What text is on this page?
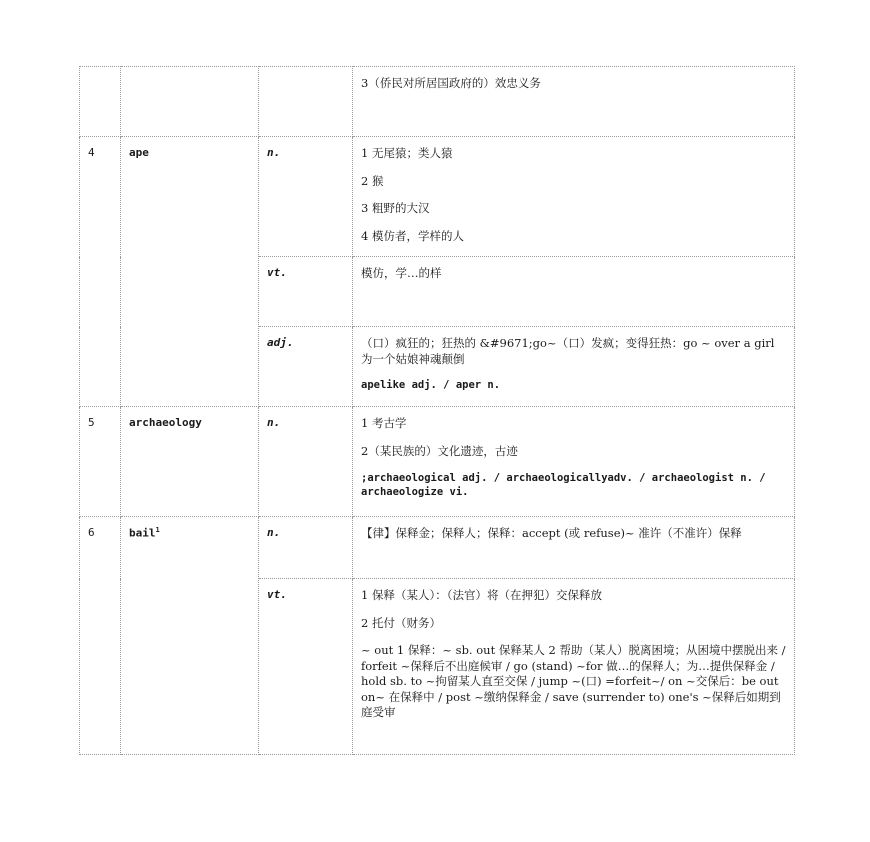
			3（侨民对所居国政府的）效忠义务

4	ape	n.	1 无尾猿；类人猿
2 猴
3 粗野的大汉
4 模仿者，学样的人

		vt.	模仿，学…的样

		adj.	（口）疯狂的；狂热的 &#9671;go~（口）发疯；变得狂热：go ~ over a girl 为一个姑娘神魂颠倒

apelike adj. / aper n.

5	archaeology	n.	1 考古学
2（某民族的）文化遗迹，古迹

;archaeological adj. / archaeologicallyadv. / archaeologist n. / archaeologize vi.

6	bail$^1$	n.	【律】保释金；保释人；保释：accept (或 refuse)~ 准许（不准许）保释

		vt.	1 保释（某人）：（法官）将（在押犯）交保释放
2 托付（财务）

~ out 1 保释：~ sb. out 保释某人 2 帮助（某人）脱离困境；从困境中摆脱出来 / forfeit ~保释后不出庭候审 / go (stand) ~for 做…的保释人；为…提供保释金 / hold sb. to ~拘留某人直至交保 / jump ~(口) =forfeit~/ on ~交保后：be out on~ 在保释中 / post ~缴纳保释金 / save (surrender to) one's ~保释后如期到庭受审
